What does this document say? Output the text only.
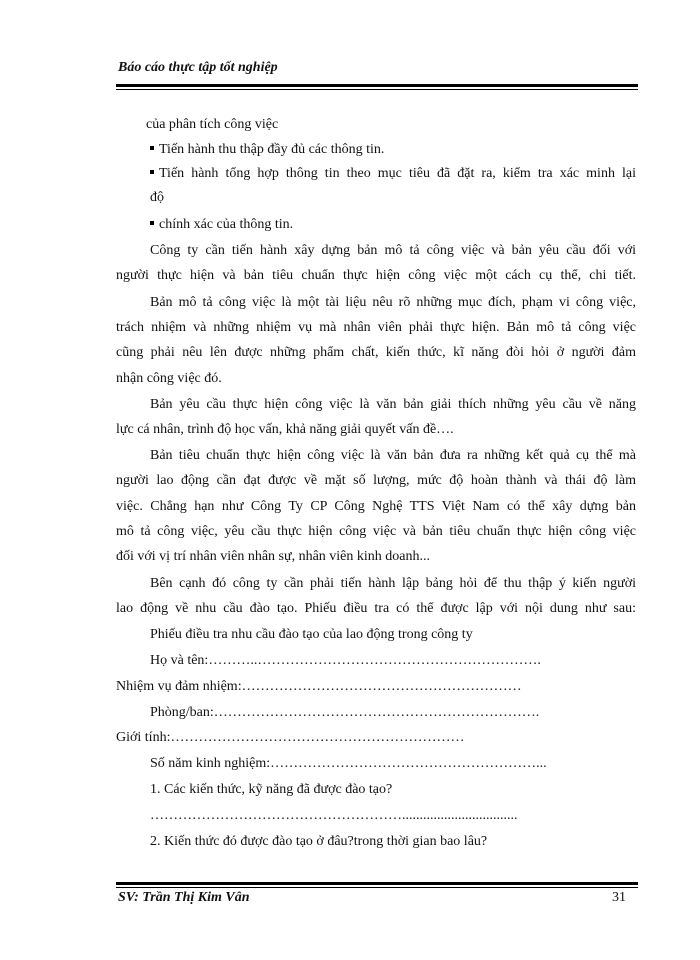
Báo cáo thực tập tốt nghiệp
của phân tích công việc
Tiến hành thu thập đầy đủ các thông tin.
Tiến hành tổng hợp thông tin theo mục tiêu đã đặt ra, kiểm tra xác minh lại
độ
chính xác của thông tin.
Công ty cần tiến hành xây dựng bản mô tả công việc và bản yêu cầu đối với
người thực hiện và bản tiêu chuẩn thực hiện công việc một cách cụ thể, chi tiết.
Bản mô tả công việc là một tài liệu nêu rõ những mục đích, phạm vi công việc,
trách nhiệm và những nhiệm vụ mà nhân viên phải thực hiện. Bản mô tả công việc
cũng phải nêu lên được những phẩm chất, kiến thức, kĩ năng đòi hỏi ở người đảm
nhận công việc đó.
Bản yêu cầu thực hiện công việc là văn bản giải thích những yêu cầu về năng
lực cá nhân, trình độ học vấn, khả năng giải quyết vấn đề….
Bản tiêu chuẩn thực hiện công việc là văn bản đưa ra những kết quả cụ thể mà
người lao động cần đạt được về mặt số lượng, mức độ hoàn thành và thái độ làm
việc. Chẳng hạn như Công Ty CP Công Nghệ TTS Việt Nam có thể xây dựng bản
mô tả công việc, yêu cầu thực hiện công việc và bản tiêu chuẩn thực hiện công việc
đối với vị trí nhân viên nhân sự, nhân viên kinh doanh...
Bên cạnh đó công ty cần phải tiến hành lập bảng hỏi để thu thập ý kiến người
lao động về nhu cầu đào tạo. Phiếu điều tra có thể được lập với nội dung như sau:
Phiếu điều tra nhu cầu đào tạo của lao động trong công ty
Họ và tên:………..…………………………………………………….
Nhiệm vụ đảm nhiệm:……………………………………………………
Phòng/ban:…………………………………………………………….
Giới tính:………………………………………………………
Số năm kinh nghiệm:…………………………………………………...
1. Các kiến thức, kỹ năng đã được đào tạo?
……………………………………………….................................
2. Kiến thức đó được đào tạo ở đâu?trong thời gian bao lâu?
SV: Trần Thị Kim Vân	31
